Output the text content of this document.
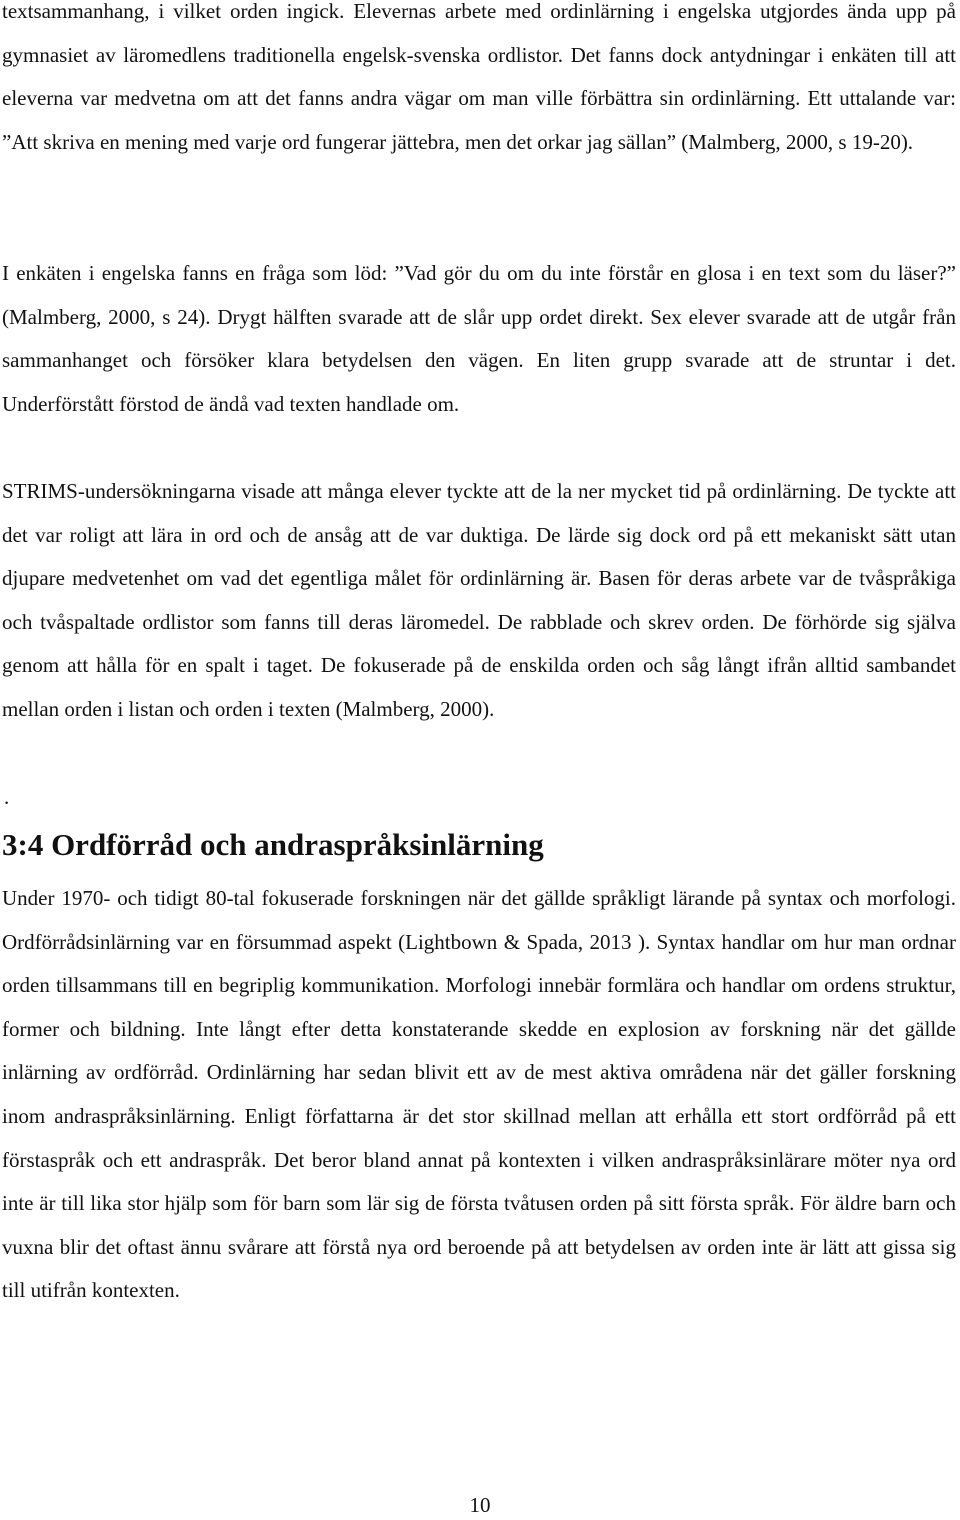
textsammanhang, i vilket orden ingick. Elevernas arbete med ordinlärning i engelska utgjordes ända upp på gymnasiet av läromedlens traditionella engelsk-svenska ordlistor. Det fanns dock antydningar i enkäten till att eleverna var medvetna om att det fanns andra vägar om man ville förbättra sin ordinlärning. Ett uttalande var: ”Att skriva en mening med varje ord fungerar jättebra, men det orkar jag sällan” (Malmberg, 2000, s 19-20).

I enkäten i engelska fanns en fråga som löd: ”Vad gör du om du inte förstår en glosa i en text som du läser?” (Malmberg, 2000, s 24). Drygt hälften svarade att de slår upp ordet direkt. Sex elever svarade att de utgår från sammanhanget och försöker klara betydelsen den vägen. En liten grupp svarade att de struntar i det. Underförstått förstod de ändå vad texten handlade om.

STRIMS-undersökningarna visade att många elever tyckte att de la ner mycket tid på ordinlärning. De tyckte att det var roligt att lära in ord och de ansåg att de var duktiga. De lärde sig dock ord på ett mekaniskt sätt utan djupare medvetenhet om vad det egentliga målet för ordinlärning är. Basen för deras arbete var de tvåspråkiga och tvåspaltade ordlistor som fanns till deras läromedel. De rabblade och skrev orden. De förhörde sig själva genom att hålla för en spalt i taget. De fokuserade på de enskilda orden och såg långt ifrån alltid sambandet mellan orden i listan och orden i texten (Malmberg, 2000).

.
3:4 Ordförråd och andraspråksinlärning

Under 1970- och tidigt 80-tal fokuserade forskningen när det gällde språkligt lärande på syntax och morfologi. Ordförrådsinlärning var en försummad aspekt (Lightbown & Spada, 2013 ). Syntax handlar om hur man ordnar orden tillsammans till en begriplig kommunikation. Morfologi innebär formlära och handlar om ordens struktur, former och bildning. Inte långt efter detta konstaterande skedde en explosion av forskning när det gällde inlärning av ordförråd. Ordinlärning har sedan blivit ett av de mest aktiva områdena när det gäller forskning inom andraspråksinlärning. Enligt författarna är det stor skillnad mellan att erhålla ett stort ordförråd på ett förstaspråk och ett andraspråk. Det beror bland annat på kontexten i vilken andraspråksinlärare möter nya ord inte är till lika stor hjälp som för barn som lär sig de första tvåtusen orden på sitt första språk. För äldre barn och vuxna blir det oftast ännu svårare att förstå nya ord beroende på att betydelsen av orden inte är lätt att gissa sig till utifrån kontexten.

10
